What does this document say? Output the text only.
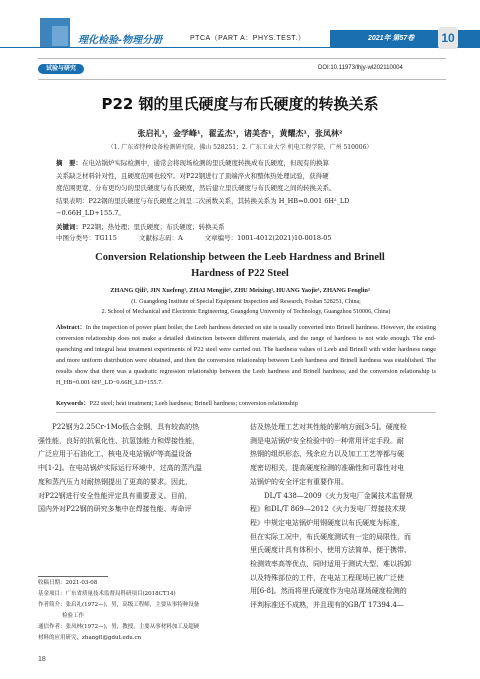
理化检验-物理分册	PTCA（PART A：PHYS.TEST.）	2021年 第57卷 10
试验与研究	DOI:10.11973/lhjy-wl202110004
P22 钢的里氏硬度与布氏硬度的转换关系
张启礼¹，金学峰¹，翟孟杰¹，诸美杏¹，黄耀杰¹，张凤林²
（1. 广东省特种设备检测研究院，佛山 528251；2. 广东工业大学 机电工程学院，广州 510006）
摘　要：在电站锅炉实际检测中，通常会将现场检测的里氏硬度转换成布氏硬度，但现有的换算
关系缺乏材料针对性，且硬度范围也较窄。对P22钢进行了顶端淬火和整体热处理试验，获得硬
度范围更宽、分布更均匀的里氏硬度与布氏硬度，然后建立里氏硬度与布氏硬度之间的转换关系。
结果表明：P22钢的里氏硬度与布氏硬度之间呈二次函数关系，其转换关系为 H_HB=0.001 6H²_LD
−0.66H_LD+155.7。
关键词：P22钢；热处理；里氏硬度；布氏硬度；转换关系
中图分类号：TG115	文献标志码：A	文章编号：1001-4012(2021)10-0018-05
Conversion Relationship between the Leeb Hardness and Brinell
Hardness of P22 Steel
ZHANG Qili¹, JIN Xuefeng¹, ZHAI Mengjie¹, ZHU Meixing¹, HUANG Yaojie¹, ZHANG Fenglin²
(1. Guangdong Institute of Special Equipment Inspection and Research, Foshan 528251, China;
2. School of Mechanical and Electronic Engineering, Guangdong University of Technology, Guangzhou 510006, China)
Abstract：In the inspection of power plant boiler, the Leeb hardness detected on site is usually converted into Brinell hardness. However, the existing conversion relationship does not make a detailed distinction between different materials, and the range of hardness is not wide enough. The end-quenching and integral heat treatment experiments of P22 steel were carried out. The hardness values of Leeb and Brinell with wider hardness range and more uniform distribution were obtained, and then the conversion relationship between Leeb hardness and Brinell hardness was established. The results show that there was a quadratic regression relationship between the Leeb hardness and Brinell hardness, and the conversion relationship is H_HB=0.001 6H²_LD−0.66H_LD+155.7.
Keywords：P22 steel; heat treatment; Leeb hardness; Brinell hardness; conversion relationship
P22钢为2.25Cr-1Mo低合金钢，具有较高的热
强性能，良好的抗氧化性、抗氢蚀能力和焊接性能，
广泛应用于石油化工、核电及电站锅炉等高温设备
中[1-2]。在电站锅炉实际运行环境中，过高的蒸汽温
度和蒸汽压力对耐热钢提出了更高的要求。因此，
对P22钢进行安全性能评定具有重要意义。目前，
国内外对P22钢的研究多集中在焊接性能、寿命评
估及热处理工艺对其性能的影响方面[3-5]。硬度检
测是电站锅炉安全检验中的一种常用评定手段。耐
热钢的组织形态、残余应力以及加工工艺等都与硬
度密切相关，提高硬度检测的准确性和可靠性对电
站锅炉的安全评定有重要作用。
DL/T 438—2009《火力发电厂金属技术监督规
程》和DL/T 869—2012《火力发电厂焊接技术规
程》中规定电站锅炉用钢硬度以布氏硬度为标准，
但在实际工况中，布氏硬度测试有一定的局限性，而
里氏硬度计具有体积小、使用方法简单、便于携带、
检测效率高等优点，同时适用于测试大型、难以拆卸
以及特殊部位的工件，在电站工程现场已被广泛使
用[6-8]。然而将里氏硬度作为电站现场硬度检测的
评判标准还不成熟，并且现有的GB/T 17394.4—
收稿日期：2021-03-08
基金项目：广东省质量技术监督局科研项目(2018CT14)
作者简介：张启礼(1972—)，男，高级工程师，主要从事特种设备
检验工作
通信作者：张凤林(1972—)，男，教授，主要从事材料加工及超硬
材料的应用研究，zhangfl@gdut.edu.cn
18
